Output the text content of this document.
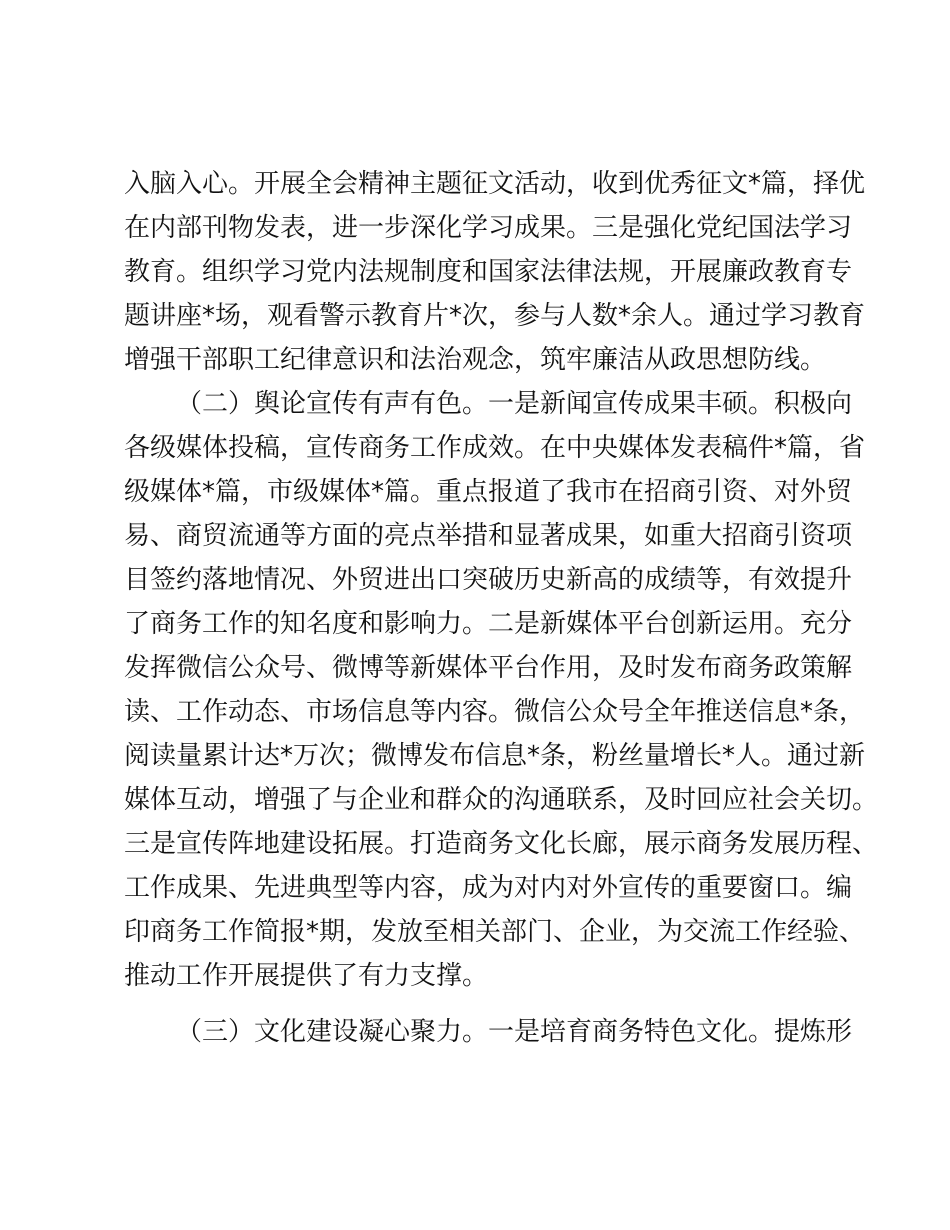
入脑入心。开展全会精神主题征文活动，收到优秀征文*篇，择优
在内部刊物发表，进一步深化学习成果。三是强化党纪国法学习
教育。组织学习党内法规制度和国家法律法规，开展廉政教育专
题讲座*场，观看警示教育片*次，参与人数*余人。通过学习教育
增强干部职工纪律意识和法治观念，筑牢廉洁从政思想防线。
（二）舆论宣传有声有色。一是新闻宣传成果丰硕。积极向
各级媒体投稿，宣传商务工作成效。在中央媒体发表稿件*篇，省
级媒体*篇，市级媒体*篇。重点报道了我市在招商引资、对外贸
易、商贸流通等方面的亮点举措和显著成果，如重大招商引资项
目签约落地情况、外贸进出口突破历史新高的成绩等，有效提升
了商务工作的知名度和影响力。二是新媒体平台创新运用。充分
发挥微信公众号、微博等新媒体平台作用，及时发布商务政策解
读、工作动态、市场信息等内容。微信公众号全年推送信息*条，
阅读量累计达*万次；微博发布信息*条，粉丝量增长*人。通过新
媒体互动，增强了与企业和群众的沟通联系，及时回应社会关切。
三是宣传阵地建设拓展。打造商务文化长廊，展示商务发展历程、
工作成果、先进典型等内容，成为对内对外宣传的重要窗口。编
印商务工作简报*期，发放至相关部门、企业，为交流工作经验、
推动工作开展提供了有力支撑。
（三）文化建设凝心聚力。一是培育商务特色文化。提炼形
